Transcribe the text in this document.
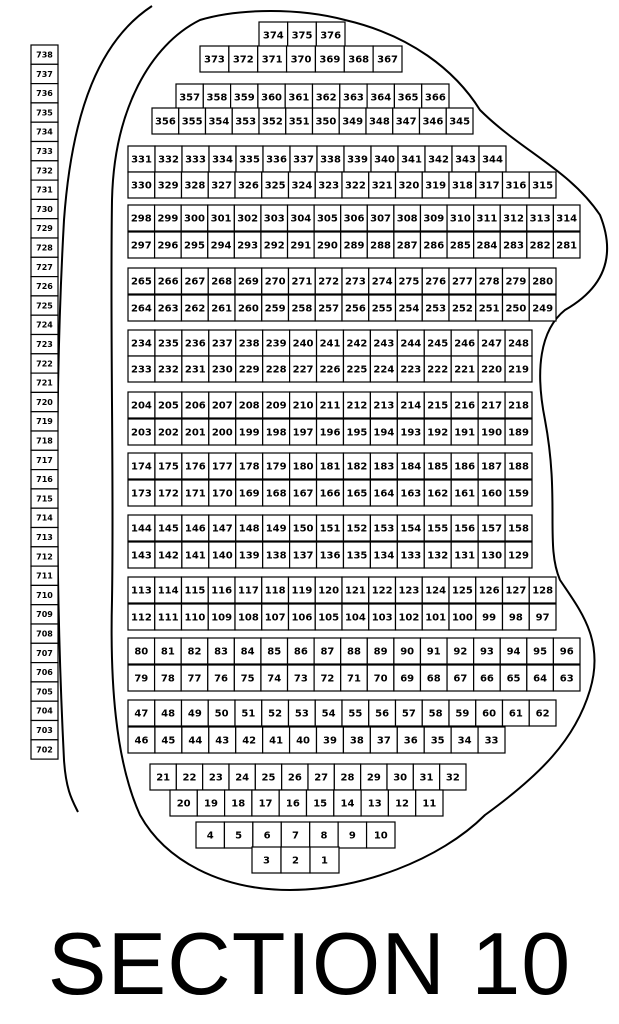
738
737
736
735
734
733
732
731
730
729
728
727
726
725
724
723
722
721
720
719
718
717
716
715
714
713
712
711
710
709
708
707
706
705
704
703
702
374 375 376
373 372 371 370 369 368 367
357 358 359 360 361 362 363 364 365 366
356 355 354 353 352 351 350 349 348 347 346 345
331 332 333 334 335 336 337 338 339 340 341 342 343 344
330 329 328 327 326 325 324 323 322 321 320 319 318 317 316 315
298 299 300 301 302 303 304 305 306 307 308 309 310 311 312 313 314
297 296 295 294 293 292 291 290 289 288 287 286 285 284 283 282 281
265 266 267 268 269 270 271 272 273 274 275 276 277 278 279 280
264 263 262 261 260 259 258 257 256 255 254 253 252 251 250 249
234 235 236 237 238 239 240 241 242 243 244 245 246 247 248
233 232 231 230 229 228 227 226 225 224 223 222 221 220 219
204 205 206 207 208 209 210 211 212 213 214 215 216 217 218
203 202 201 200 199 198 197 196 195 194 193 192 191 190 189
174 175 176 177 178 179 180 181 182 183 184 185 186 187 188
173 172 171 170 169 168 167 166 165 164 163 162 161 160 159
144 145 146 147 148 149 150 151 152 153 154 155 156 157 158
143 142 141 140 139 138 137 136 135 134 133 132 131 130 129
113 114 115 116 117 118 119 120 121 122 123 124 125 126 127 128
112 111 110 109 108 107 106 105 104 103 102 101 100 99 98 97
80 81 82 83 84 85 86 87 88 89 90 91 92 93 94 95 96
79 78 77 76 75 74 73 72 71 70 69 68 67 66 65 64 63
47 48 49 50 51 52 53 54 55 56 57 58 59 60 61 62
46 45 44 43 42 41 40 39 38 37 36 35 34 33
21 22 23 24 25 26 27 28 29 30 31 32
20 19 18 17 16 15 14 13 12 11
4 5 6 7 8 9 10
3 2 1
SECTION 10
